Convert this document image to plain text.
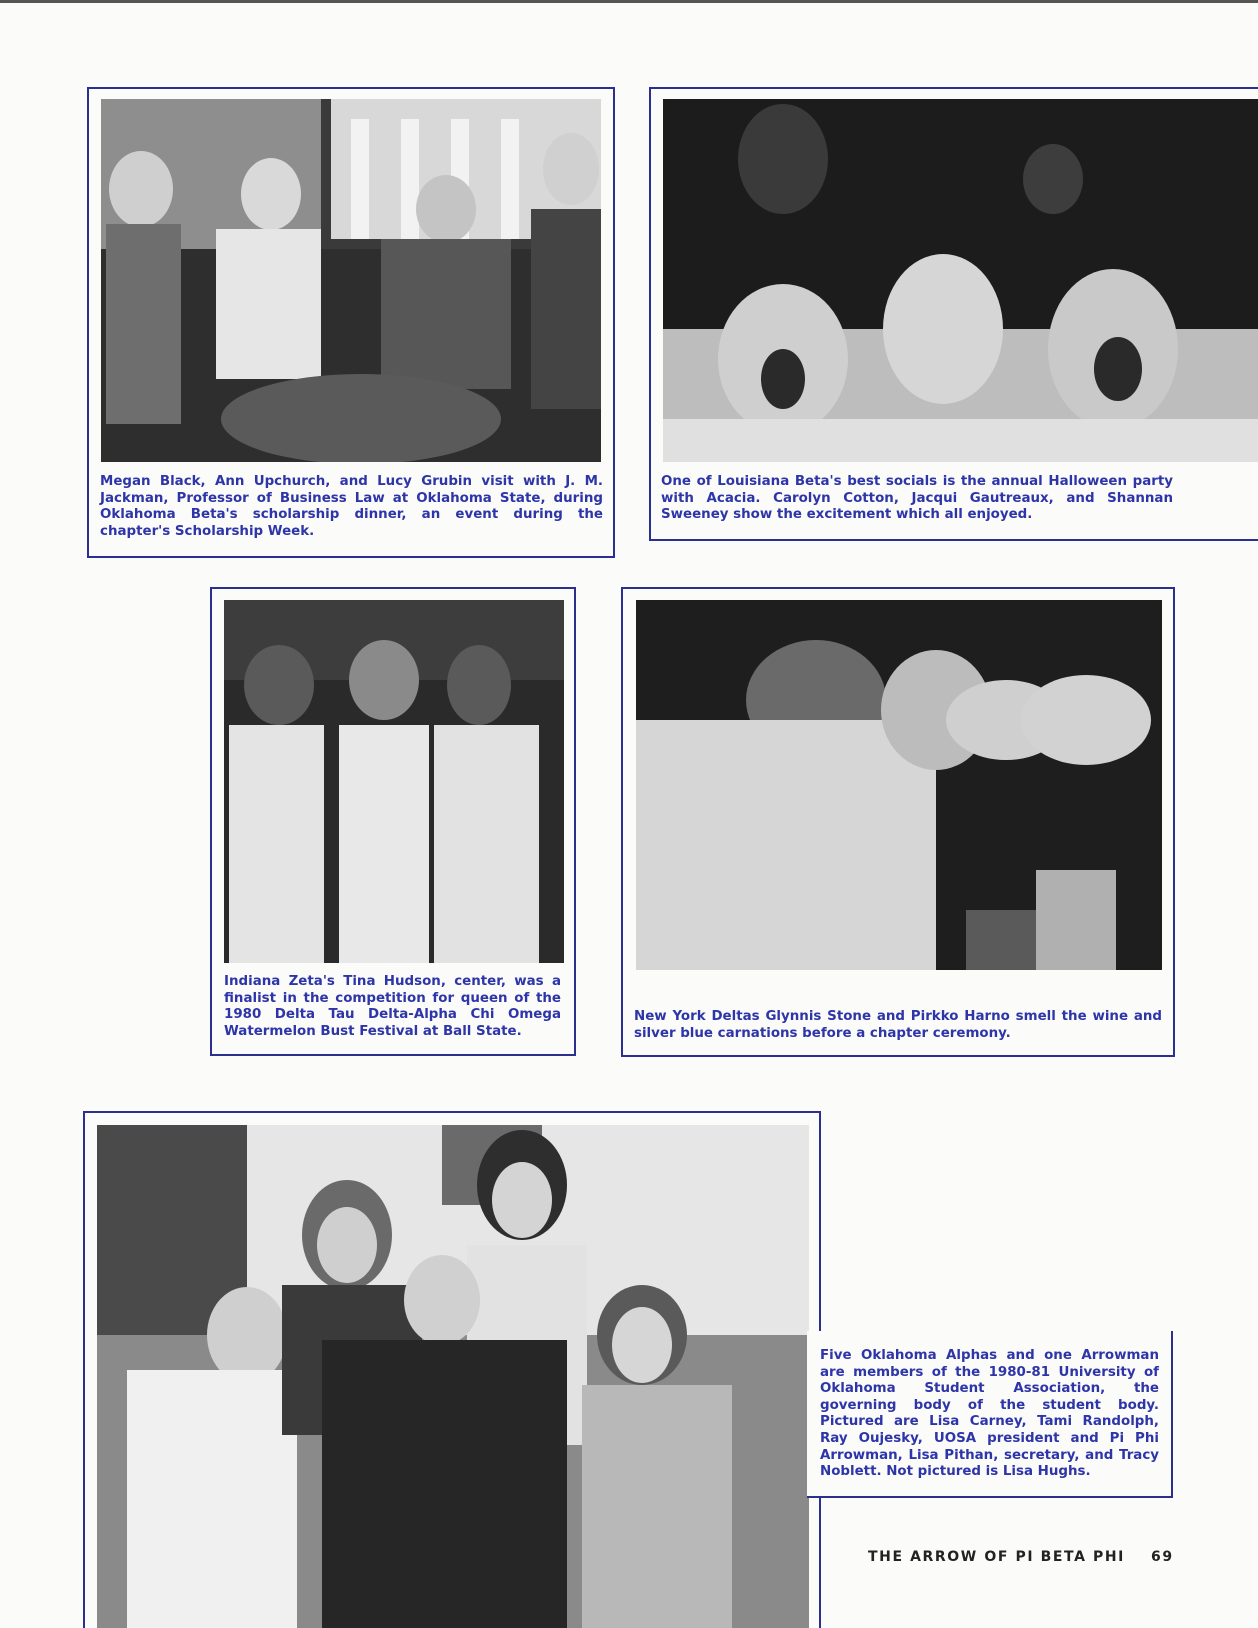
Megan Black, Ann Upchurch, and Lucy Grubin visit with J. M. Jackman, Professor of Business Law at Oklahoma State, during Oklahoma Beta's scholarship dinner, an event during the chapter's Scholarship Week.
One of Louisiana Beta's best socials is the annual Halloween party with Acacia. Carolyn Cotton, Jacqui Gautreaux, and Shannan Sweeney show the excitement which all enjoyed.
Indiana Zeta's Tina Hudson, center, was a finalist in the competition for queen of the 1980 Delta Tau Delta-Alpha Chi Omega Watermelon Bust Festival at Ball State.
New York Deltas Glynnis Stone and Pirkko Harno smell the wine and silver blue carnations before a chapter ceremony.
Five Oklahoma Alphas and one Arrowman are members of the 1980-81 University of Oklahoma Student Association, the governing body of the student body. Pictured are Lisa Carney, Tami Randolph, Ray Oujesky, UOSA president and Pi Phi Arrowman, Lisa Pithan, secretary, and Tracy Noblett. Not pictured is Lisa Hughs.
THE ARROW OF PI BETA PHI 69
